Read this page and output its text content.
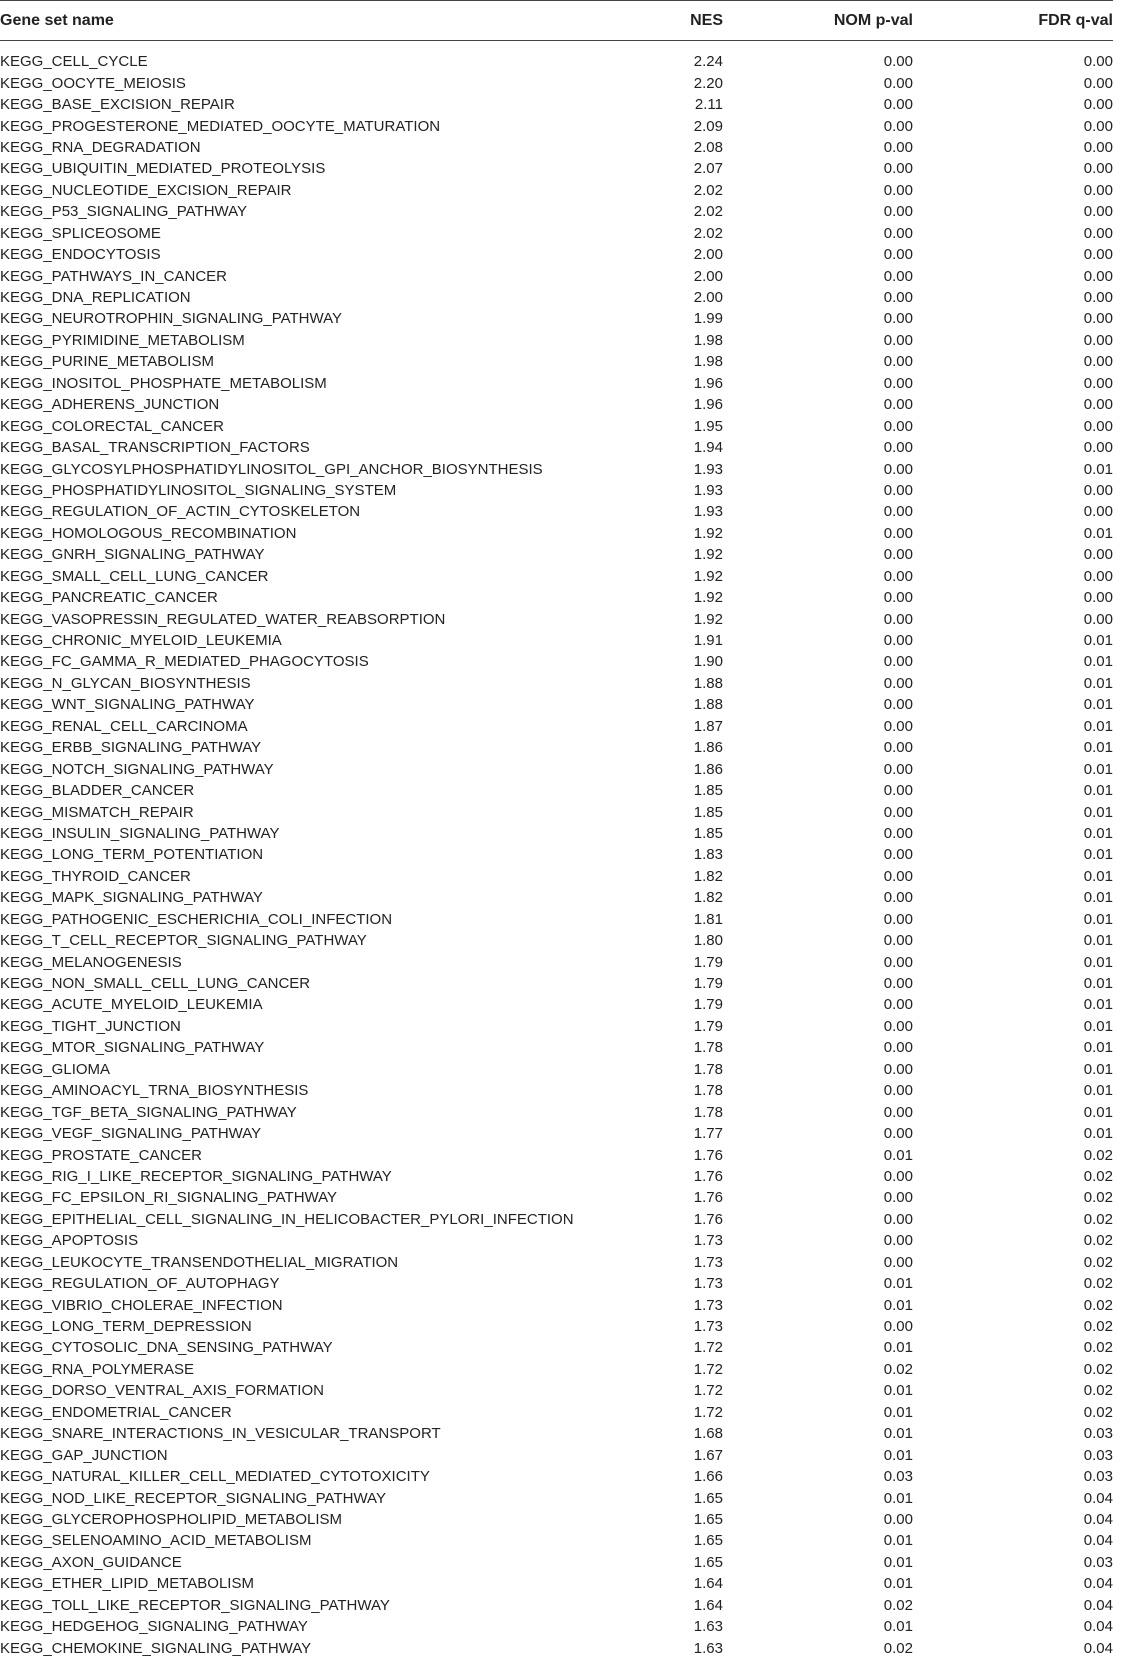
Gene set name	NES	NOM p-val	FDR q-val

KEGG_CELL_CYCLE	2.24	0.00	0.00
KEGG_OOCYTE_MEIOSIS	2.20	0.00	0.00
KEGG_BASE_EXCISION_REPAIR	2.11	0.00	0.00
KEGG_PROGESTERONE_MEDIATED_OOCYTE_MATURATION	2.09	0.00	0.00
KEGG_RNA_DEGRADATION	2.08	0.00	0.00
KEGG_UBIQUITIN_MEDIATED_PROTEOLYSIS	2.07	0.00	0.00
KEGG_NUCLEOTIDE_EXCISION_REPAIR	2.02	0.00	0.00
KEGG_P53_SIGNALING_PATHWAY	2.02	0.00	0.00
KEGG_SPLICEOSOME	2.02	0.00	0.00
KEGG_ENDOCYTOSIS	2.00	0.00	0.00
KEGG_PATHWAYS_IN_CANCER	2.00	0.00	0.00
KEGG_DNA_REPLICATION	2.00	0.00	0.00
KEGG_NEUROTROPHIN_SIGNALING_PATHWAY	1.99	0.00	0.00
KEGG_PYRIMIDINE_METABOLISM	1.98	0.00	0.00
KEGG_PURINE_METABOLISM	1.98	0.00	0.00
KEGG_INOSITOL_PHOSPHATE_METABOLISM	1.96	0.00	0.00
KEGG_ADHERENS_JUNCTION	1.96	0.00	0.00
KEGG_COLORECTAL_CANCER	1.95	0.00	0.00
KEGG_BASAL_TRANSCRIPTION_FACTORS	1.94	0.00	0.00
KEGG_GLYCOSYLPHOSPHATIDYLINOSITOL_GPI_ANCHOR_BIOSYNTHESIS	1.93	0.00	0.01
KEGG_PHOSPHATIDYLINOSITOL_SIGNALING_SYSTEM	1.93	0.00	0.00
KEGG_REGULATION_OF_ACTIN_CYTOSKELETON	1.93	0.00	0.00
KEGG_HOMOLOGOUS_RECOMBINATION	1.92	0.00	0.01
KEGG_GNRH_SIGNALING_PATHWAY	1.92	0.00	0.00
KEGG_SMALL_CELL_LUNG_CANCER	1.92	0.00	0.00
KEGG_PANCREATIC_CANCER	1.92	0.00	0.00
KEGG_VASOPRESSIN_REGULATED_WATER_REABSORPTION	1.92	0.00	0.00
KEGG_CHRONIC_MYELOID_LEUKEMIA	1.91	0.00	0.01
KEGG_FC_GAMMA_R_MEDIATED_PHAGOCYTOSIS	1.90	0.00	0.01
KEGG_N_GLYCAN_BIOSYNTHESIS	1.88	0.00	0.01
KEGG_WNT_SIGNALING_PATHWAY	1.88	0.00	0.01
KEGG_RENAL_CELL_CARCINOMA	1.87	0.00	0.01
KEGG_ERBB_SIGNALING_PATHWAY	1.86	0.00	0.01
KEGG_NOTCH_SIGNALING_PATHWAY	1.86	0.00	0.01
KEGG_BLADDER_CANCER	1.85	0.00	0.01
KEGG_MISMATCH_REPAIR	1.85	0.00	0.01
KEGG_INSULIN_SIGNALING_PATHWAY	1.85	0.00	0.01
KEGG_LONG_TERM_POTENTIATION	1.83	0.00	0.01
KEGG_THYROID_CANCER	1.82	0.00	0.01
KEGG_MAPK_SIGNALING_PATHWAY	1.82	0.00	0.01
KEGG_PATHOGENIC_ESCHERICHIA_COLI_INFECTION	1.81	0.00	0.01
KEGG_T_CELL_RECEPTOR_SIGNALING_PATHWAY	1.80	0.00	0.01
KEGG_MELANOGENESIS	1.79	0.00	0.01
KEGG_NON_SMALL_CELL_LUNG_CANCER	1.79	0.00	0.01
KEGG_ACUTE_MYELOID_LEUKEMIA	1.79	0.00	0.01
KEGG_TIGHT_JUNCTION	1.79	0.00	0.01
KEGG_MTOR_SIGNALING_PATHWAY	1.78	0.00	0.01
KEGG_GLIOMA	1.78	0.00	0.01
KEGG_AMINOACYL_TRNA_BIOSYNTHESIS	1.78	0.00	0.01
KEGG_TGF_BETA_SIGNALING_PATHWAY	1.78	0.00	0.01
KEGG_VEGF_SIGNALING_PATHWAY	1.77	0.00	0.01
KEGG_PROSTATE_CANCER	1.76	0.01	0.02
KEGG_RIG_I_LIKE_RECEPTOR_SIGNALING_PATHWAY	1.76	0.00	0.02
KEGG_FC_EPSILON_RI_SIGNALING_PATHWAY	1.76	0.00	0.02
KEGG_EPITHELIAL_CELL_SIGNALING_IN_HELICOBACTER_PYLORI_INFECTION	1.76	0.00	0.02
KEGG_APOPTOSIS	1.73	0.00	0.02
KEGG_LEUKOCYTE_TRANSENDOTHELIAL_MIGRATION	1.73	0.00	0.02
KEGG_REGULATION_OF_AUTOPHAGY	1.73	0.01	0.02
KEGG_VIBRIO_CHOLERAE_INFECTION	1.73	0.01	0.02
KEGG_LONG_TERM_DEPRESSION	1.73	0.00	0.02
KEGG_CYTOSOLIC_DNA_SENSING_PATHWAY	1.72	0.01	0.02
KEGG_RNA_POLYMERASE	1.72	0.02	0.02
KEGG_DORSO_VENTRAL_AXIS_FORMATION	1.72	0.01	0.02
KEGG_ENDOMETRIAL_CANCER	1.72	0.01	0.02
KEGG_SNARE_INTERACTIONS_IN_VESICULAR_TRANSPORT	1.68	0.01	0.03
KEGG_GAP_JUNCTION	1.67	0.01	0.03
KEGG_NATURAL_KILLER_CELL_MEDIATED_CYTOTOXICITY	1.66	0.03	0.03
KEGG_NOD_LIKE_RECEPTOR_SIGNALING_PATHWAY	1.65	0.01	0.04
KEGG_GLYCEROPHOSPHOLIPID_METABOLISM	1.65	0.00	0.04
KEGG_SELENOAMINO_ACID_METABOLISM	1.65	0.01	0.04
KEGG_AXON_GUIDANCE	1.65	0.01	0.03
KEGG_ETHER_LIPID_METABOLISM	1.64	0.01	0.04
KEGG_TOLL_LIKE_RECEPTOR_SIGNALING_PATHWAY	1.64	0.02	0.04
KEGG_HEDGEHOG_SIGNALING_PATHWAY	1.63	0.01	0.04
KEGG_CHEMOKINE_SIGNALING_PATHWAY	1.63	0.02	0.04
